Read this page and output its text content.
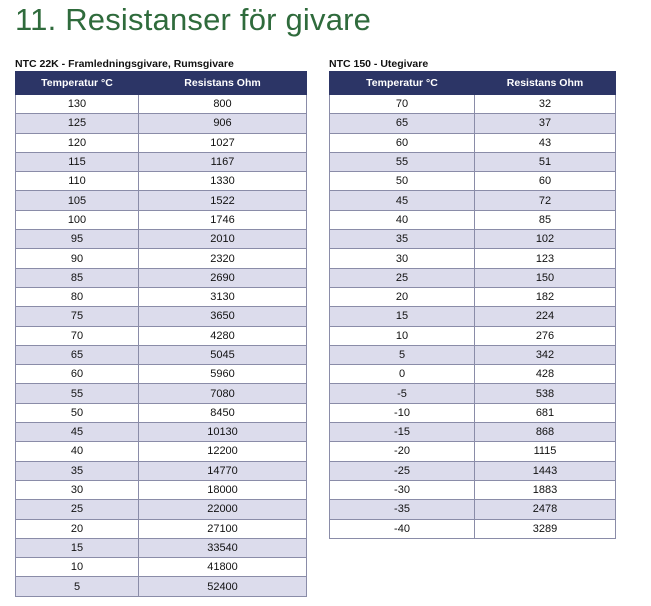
11. Resistanser för givare
NTC 22K - Framledningsgivare, Rumsgivare
Temperatur °C	Resistans Ohm
130	800
125	906
120	1027
115	1167
110	1330
105	1522
100	1746
95	2010
90	2320
85	2690
80	3130
75	3650
70	4280
65	5045
60	5960
55	7080
50	8450
45	10130
40	12200
35	14770
30	18000
25	22000
20	27100
15	33540
10	41800
5	52400
NTC 150 - Utegivare
Temperatur °C	Resistans Ohm
70	32
65	37
60	43
55	51
50	60
45	72
40	85
35	102
30	123
25	150
20	182
15	224
10	276
5	342
0	428
-5	538
-10	681
-15	868
-20	1115
-25	1443
-30	1883
-35	2478
-40	3289
